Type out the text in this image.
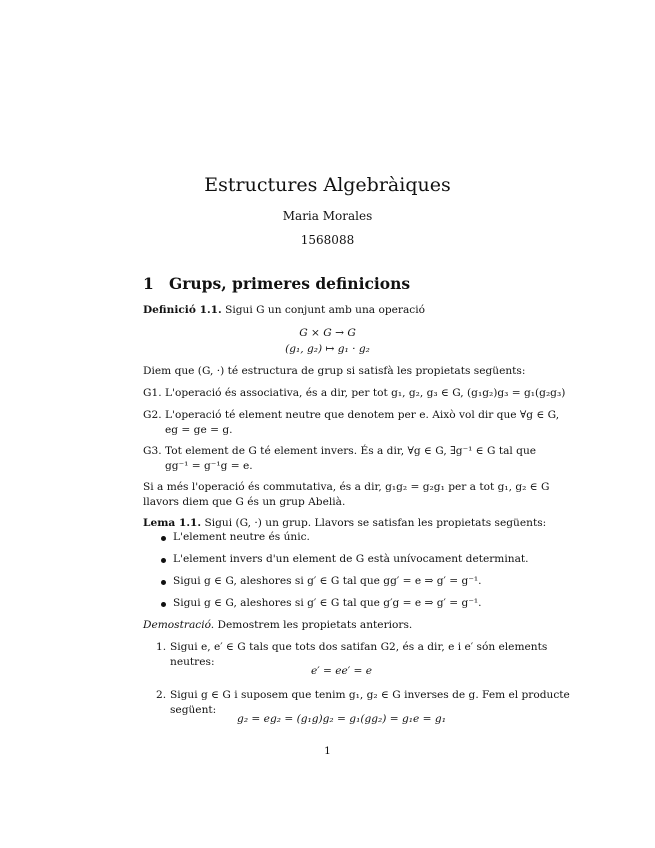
Estructures Algebràiques
Maria Morales
1568088
1 Grups, primeres definicions
Definició 1.1. Sigui G un conjunt amb una operació
G × G → G
(g₁, g₂) ↦ g₁ · g₂
Diem que (G, ·) té estructura de grup si satisfà les propietats següents:
G1. L'operació és associativa, és a dir, per tot g₁, g₂, g₃ ∈ G, (g₁g₂)g₃ = g₁(g₂g₃)
G2. L'operació té element neutre que denotem per e. Això vol dir que ∀g ∈ G,
eg = ge = g.
G3. Tot element de G té element invers. És a dir, ∀g ∈ G, ∃g⁻¹ ∈ G tal que
gg⁻¹ = g⁻¹g = e.
Si a més l'operació és commutativa, és a dir, g₁g₂ = g₂g₁ per a tot g₁, g₂ ∈ G
llavors diem que G és un grup Abelià.
Lema 1.1. Sigui (G, ·) un grup. Llavors se satisfan les propietats següents:
L'element neutre és únic.
L'element invers d'un element de G està unívocament determinat.
Sigui g ∈ G, aleshores si g′ ∈ G tal que gg′ = e ⇒ g′ = g⁻¹.
Sigui g ∈ G, aleshores si g′ ∈ G tal que g′g = e ⇒ g′ = g⁻¹.
Demostració. Demostrem les propietats anteriors.
1. Sigui e, e′ ∈ G tals que tots dos satifan G2, és a dir, e i e′ són elements
neutres:
e′ = ee′ = e
2. Sigui g ∈ G i suposem que tenim g₁, g₂ ∈ G inverses de g. Fem el producte
següent:
g₂ = eg₂ = (g₁g)g₂ = g₁(gg₂) = g₁e = g₁
1
